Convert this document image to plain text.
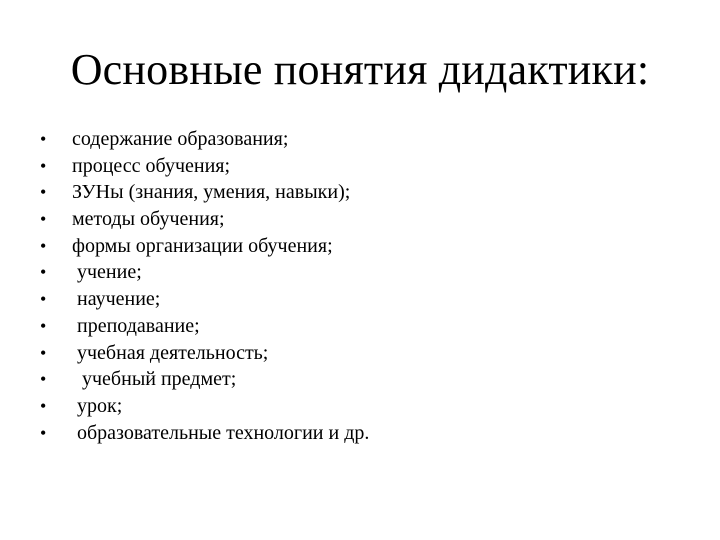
Основные понятия дидактики:
•	содержание образования;
•	процесс обучения;
•	ЗУНы (знания, умения, навыки);
•	методы обучения;
•	формы организации обучения;
•	учение;
•	научение;
•	преподавание;
•	учебная деятельность;
•	учебный предмет;
•	урок;
•	образовательные технологии и др.
